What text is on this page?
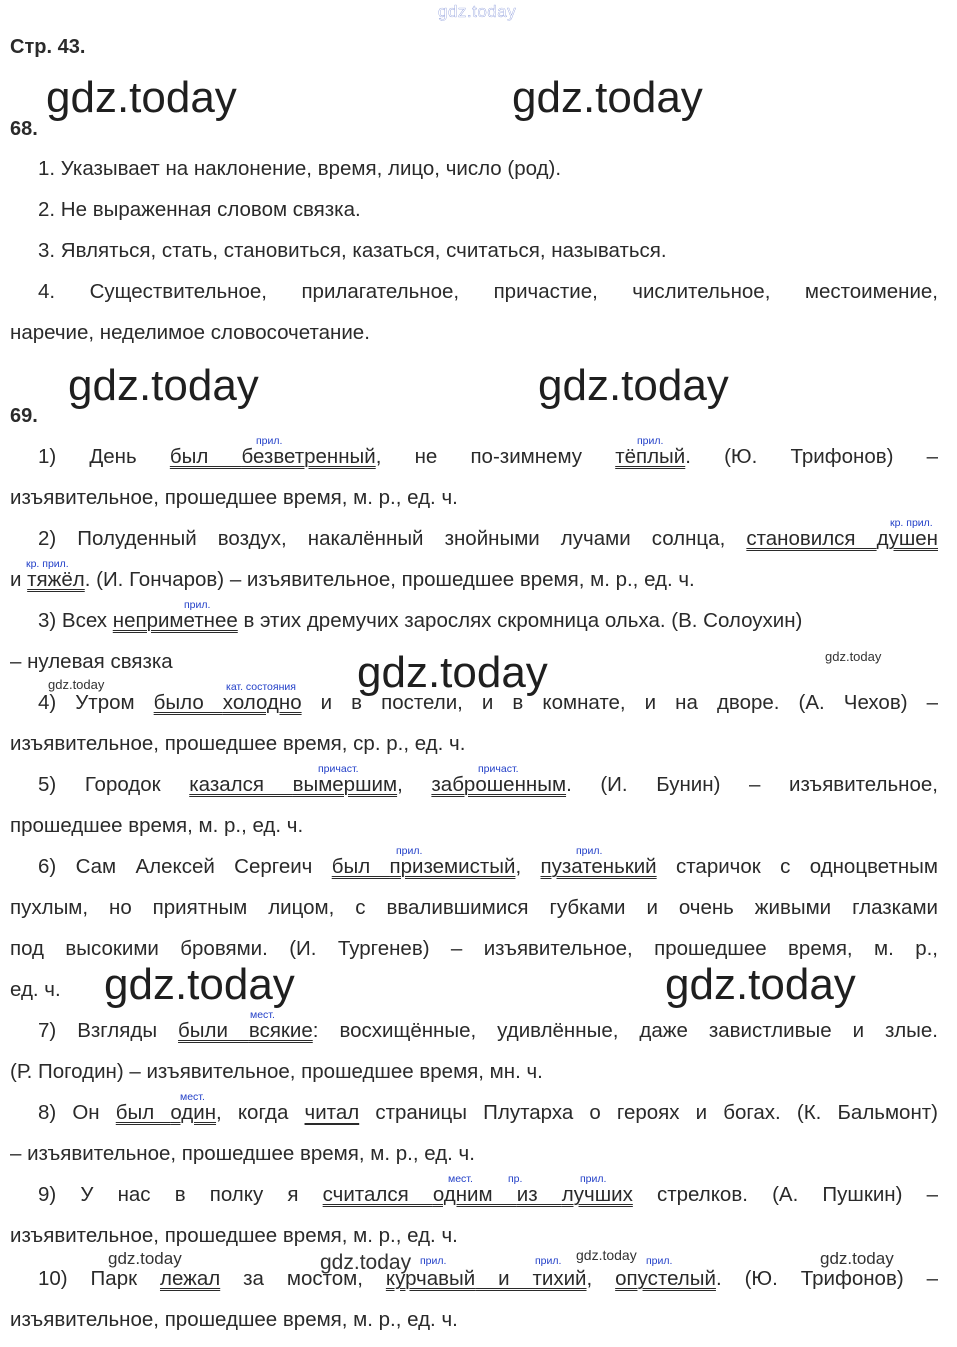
gdz.today
gdz.today	gdz.today
gdz.today	gdz.today
gdz.today
gdz.today	gdz.today
gdz.today
gdz.today
gdz.today	gdz.today	gdz.today	gdz.today
Стр. 43.
68.
1. Указывает на наклонение, время, лицо, число (род).
2. Не выраженная словом связка.
3. Являться, стать, становиться, казаться, считаться, называться.
4. Существительное, прилагательное, причастие, числительное, местоимение,
наречие, неделимое словосочетание.
69.
прил.	прил.
1) День был безветренный, не по-зимнему тёплый. (Ю. Трифонов) –
изъявительное, прошедшее время, м. р., ед. ч.
кр. прил.
кр. прил.
2) Полуденный воздух, накалённый знойными лучами солнца, становился душен
и тяжёл. (И. Гончаров) – изъявительное, прошедшее время, м. р., ед. ч.
прил.
3) Всех неприметнее в этих дремучих зарослях скромница ольха. (В. Солоухин)
– нулевая связка
кат. состояния
4) Утром было холодно и в постели, и в комнате, и на дворе. (А. Чехов) –
изъявительное, прошедшее время, ср. р., ед. ч.
причаст.	причаст.
5) Городок казался вымершим, заброшенным. (И. Бунин) – изъявительное,
прошедшее время, м. р., ед. ч.
прил.	прил.
6) Сам Алексей Сергеич был приземистый, пузатенький старичок с одноцветным
пухлым, но приятным лицом, с ввалившимися губками и очень живыми глазками
под высокими бровями. (И. Тургенев) – изъявительное, прошедшее время, м. р.,
ед. ч.
мест.
7) Взгляды были всякие: восхищённые, удивлённые, даже завистливые и злые.
(Р. Погодин) – изъявительное, прошедшее время, мн. ч.
мест.
8) Он был один, когда читал страницы Плутарха о героях и богах. (К. Бальмонт)
– изъявительное, прошедшее время, м. р., ед. ч.
мест.	пр.	прил.
9) У нас в полку я считался одним из лучших стрелков. (А. Пушкин) –
изъявительное, прошедшее время, м. р., ед. ч.
прил.	прил.	прил.
10) Парк лежал за мостом, курчавый и тихий, опустелый. (Ю. Трифонов) –
изъявительное, прошедшее время, м. р., ед. ч.
